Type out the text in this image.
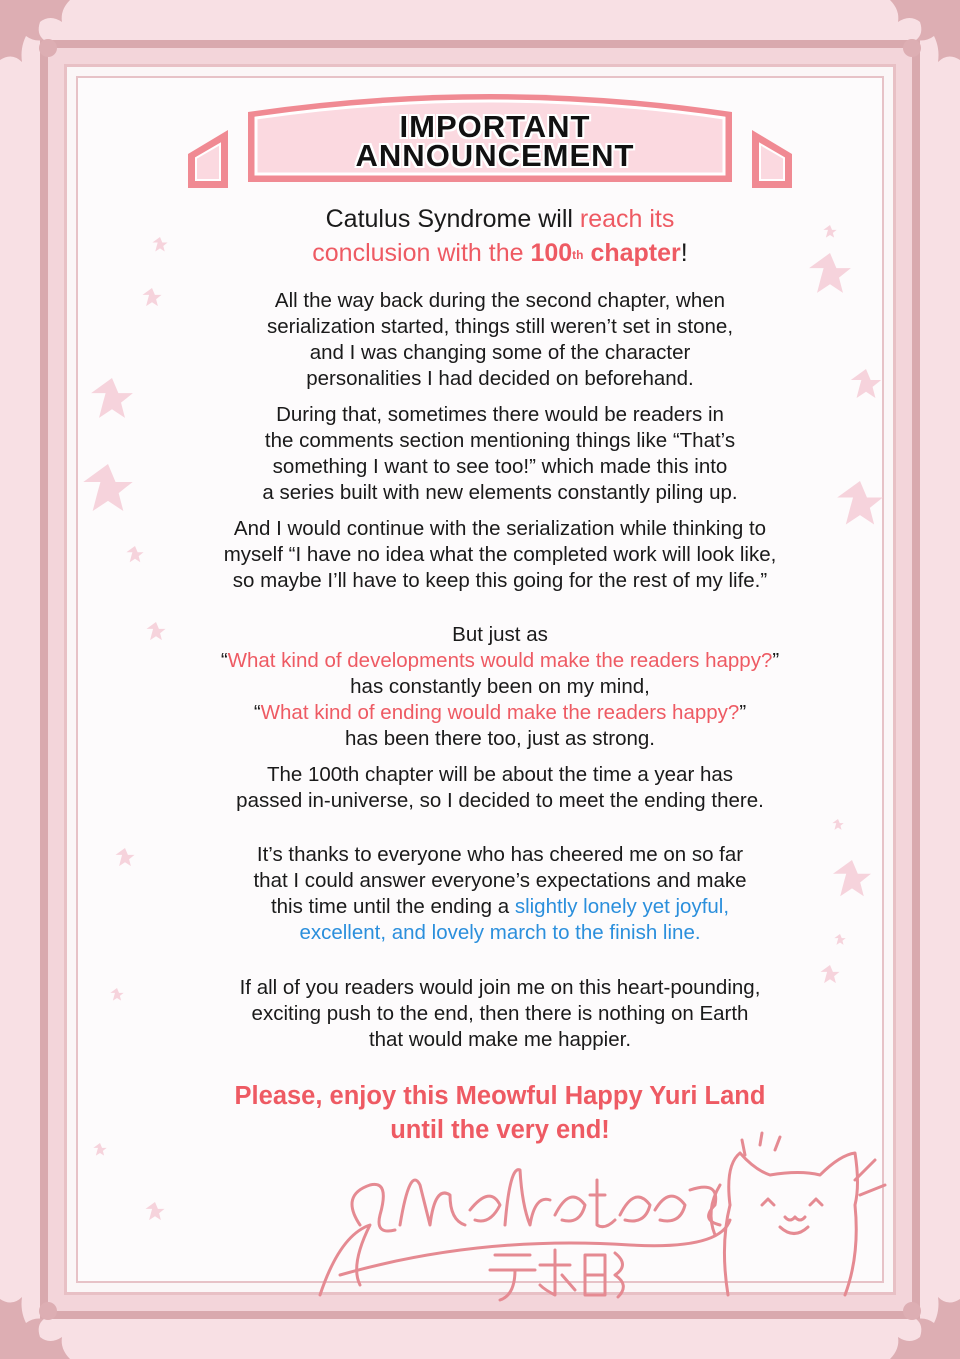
IMPORTANT
ANNOUNCEMENT
Catulus Syndrome will reach its
conclusion with the 100th chapter!

All the way back during the second chapter, when
serialization started, things still weren’t set in stone,
and I was changing some of the character
personalities I had decided on beforehand.

During that, sometimes there would be readers in
the comments section mentioning things like “That’s
something I want to see too!” which made this into
a series built with new elements constantly piling up.

And I would continue with the serialization while thinking to
myself “I have no idea what the completed work will look like,
so maybe I’ll have to keep this going for the rest of my life.”

But just as
“What kind of developments would make the readers happy?”
has constantly been on my mind,
“What kind of ending would make the readers happy?”
has been there too, just as strong.

The 100th chapter will be about the time a year has
passed in-universe, so I decided to meet the ending there.

It’s thanks to everyone who has cheered me on so far
that I could answer everyone’s expectations and make
this time until the ending a slightly lonely yet joyful,
excellent, and lovely march to the finish line.

If all of you readers would join me on this heart-pounding,
exciting push to the end, then there is nothing on Earth
that would make me happier.

Please, enjoy this Meowful Happy Yuri Land
until the very end!
